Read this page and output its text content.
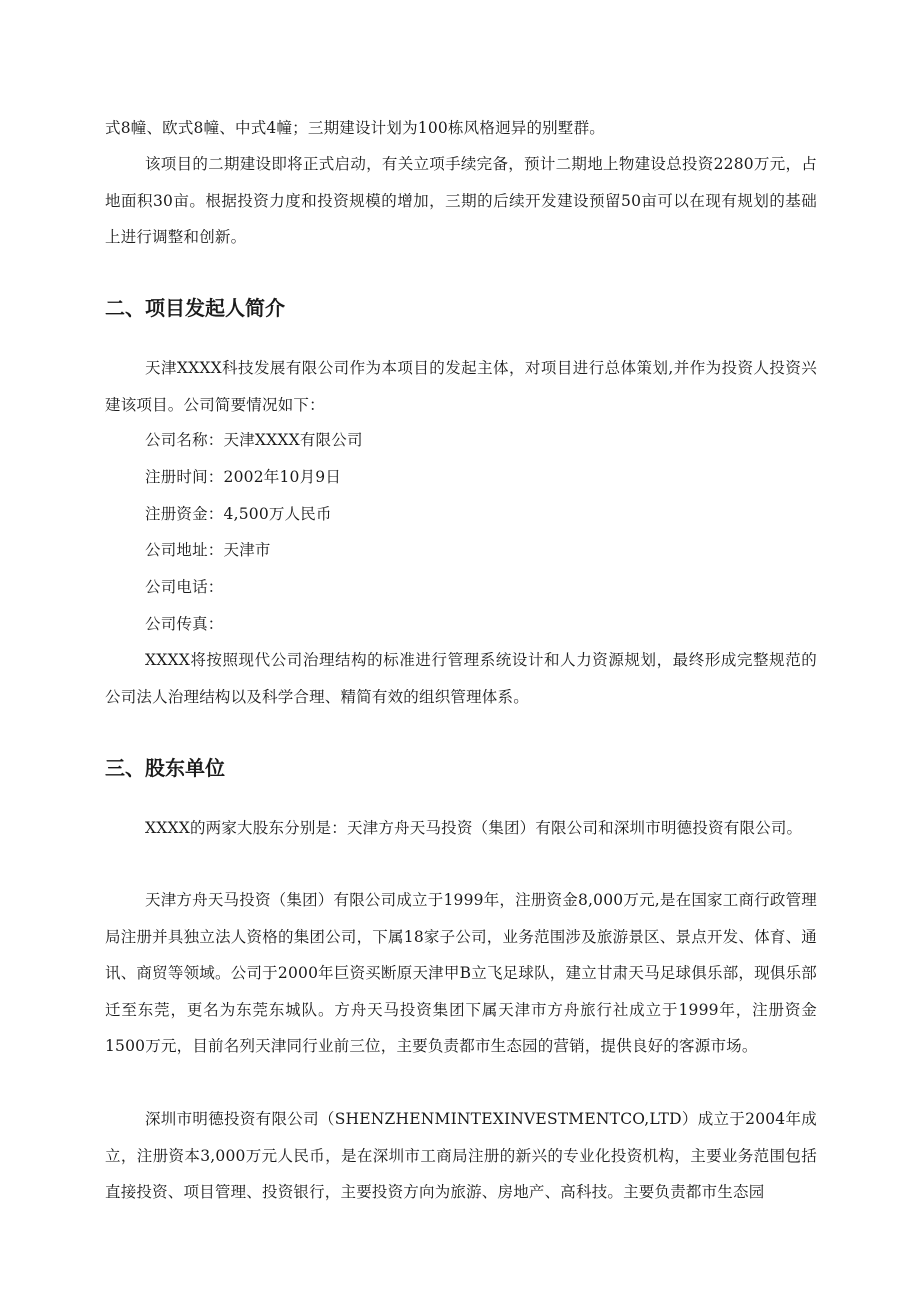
式8幢、欧式8幢、中式4幢；三期建设计划为100栋风格迥异的别墅群。

该项目的二期建设即将正式启动，有关立项手续完备，预计二期地上物建设总投资2280万元，占地面积30亩。根据投资力度和投资规模的增加，三期的后续开发建设预留50亩可以在现有规划的基础上进行调整和创新。

二、项目发起人简介

天津XXXX科技发展有限公司作为本项目的发起主体，对项目进行总体策划,并作为投资人投资兴建该项目。公司简要情况如下：

公司名称：天津XXXX有限公司

注册时间：2002年10月9日

注册资金：4,500万人民币

公司地址：天津市

公司电话：

公司传真：

XXXX将按照现代公司治理结构的标准进行管理系统设计和人力资源规划，最终形成完整规范的公司法人治理结构以及科学合理、精简有效的组织管理体系。

三、股东单位

XXXX的两家大股东分别是：天津方舟天马投资（集团）有限公司和深圳市明德投资有限公司。

天津方舟天马投资（集团）有限公司成立于1999年，注册资金8,000万元,是在国家工商行政管理局注册并具独立法人资格的集团公司，下属18家子公司，业务范围涉及旅游景区、景点开发、体育、通讯、商贸等领域。公司于2000年巨资买断原天津甲B立飞足球队，建立甘肃天马足球俱乐部，现俱乐部迁至东莞，更名为东莞东城队。方舟天马投资集团下属天津市方舟旅行社成立于1999年，注册资金1500万元，目前名列天津同行业前三位，主要负责都市生态园的营销，提供良好的客源市场。

深圳市明德投资有限公司（SHENZHENMINTEXINVESTMENTCO,LTD）成立于2004年成立，注册资本3,000万元人民币，是在深圳市工商局注册的新兴的专业化投资机构，主要业务范围包括直接投资、项目管理、投资银行，主要投资方向为旅游、房地产、高科技。主要负责都市生态园
